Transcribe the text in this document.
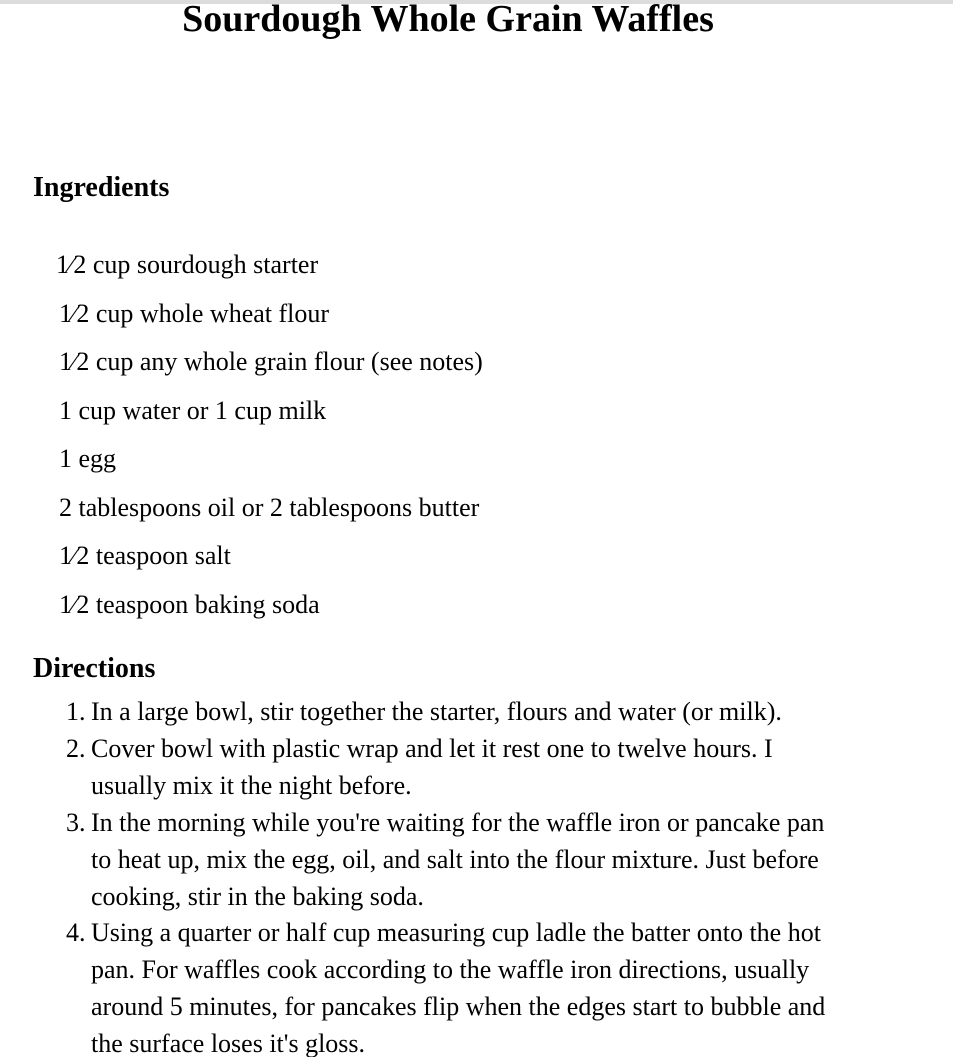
Sourdough Whole Grain Waffles
Ingredients
1⁄2 cup sourdough starter
1⁄2 cup whole wheat flour
1⁄2 cup any whole grain flour (see notes)
1 cup water or 1 cup milk
1 egg
2 tablespoons oil or 2 tablespoons butter
1⁄2 teaspoon salt
1⁄2 teaspoon baking soda
Directions
1. In a large bowl, stir together the starter, flours and water (or milk).
2. Cover bowl with plastic wrap and let it rest one to twelve hours. I usually mix it the night before.
3. In the morning while you're waiting for the waffle iron or pancake pan to heat up, mix the egg, oil, and salt into the flour mixture. Just before cooking, stir in the baking soda.
4. Using a quarter or half cup measuring cup ladle the batter onto the hot pan. For waffles cook according to the waffle iron directions, usually around 5 minutes, for pancakes flip when the edges start to bubble and the surface loses it's gloss.
